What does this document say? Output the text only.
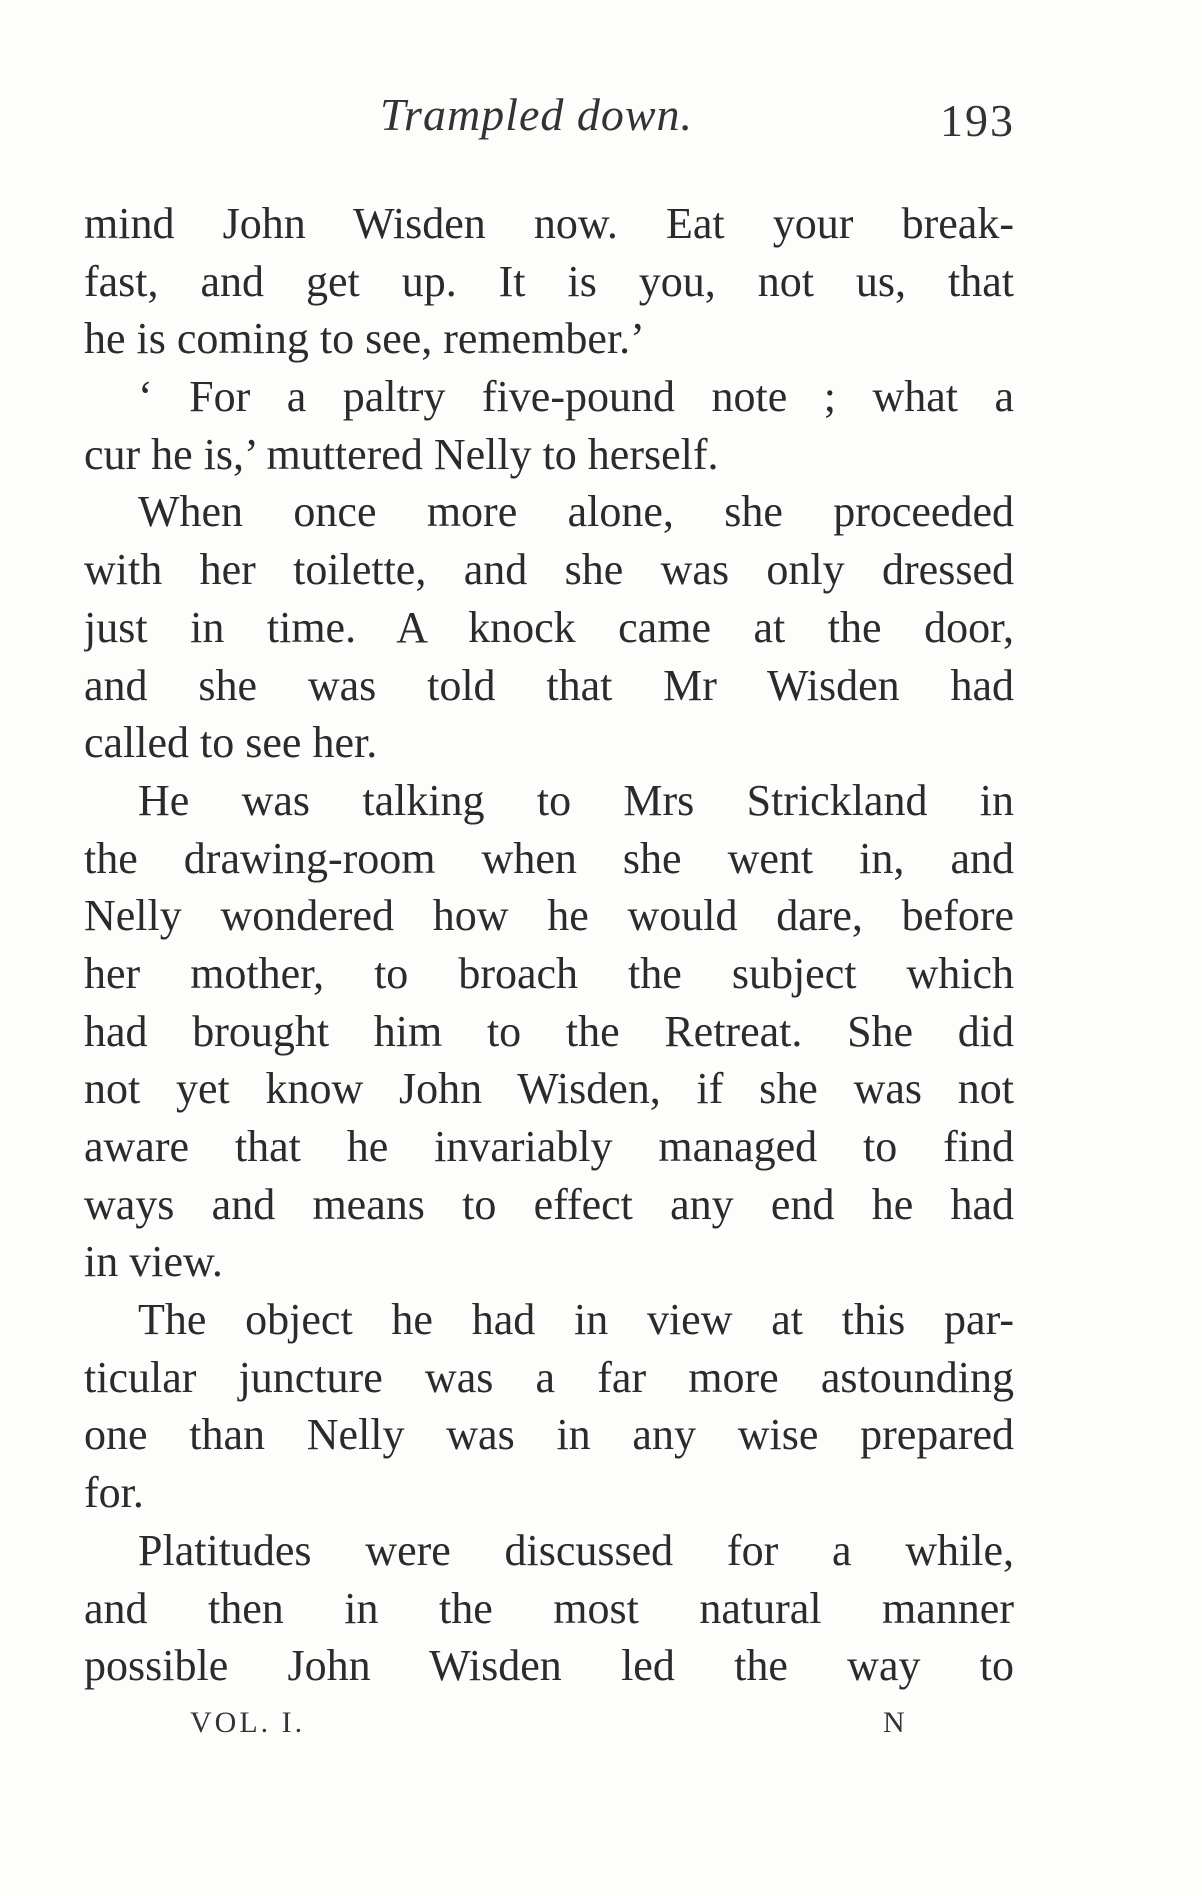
Trampled down.	193
mind John Wisden now. Eat your break-
fast, and get up. It is you, not us, that
he is coming to see, remember.’
‘ For a paltry five-pound note ; what a
cur he is,’ muttered Nelly to herself.
When once more alone, she proceeded
with her toilette, and she was only dressed
just in time. A knock came at the door,
and she was told that Mr Wisden had
called to see her.
He was talking to Mrs Strickland in
the drawing-room when she went in, and
Nelly wondered how he would dare, before
her mother, to broach the subject which
had brought him to the Retreat. She did
not yet know John Wisden, if she was not
aware that he invariably managed to find
ways and means to effect any end he had
in view.
The object he had in view at this par-
ticular juncture was a far more astounding
one than Nelly was in any wise prepared
for.
Platitudes were discussed for a while,
and then in the most natural manner
possible John Wisden led the way to
VOL. I.	N
